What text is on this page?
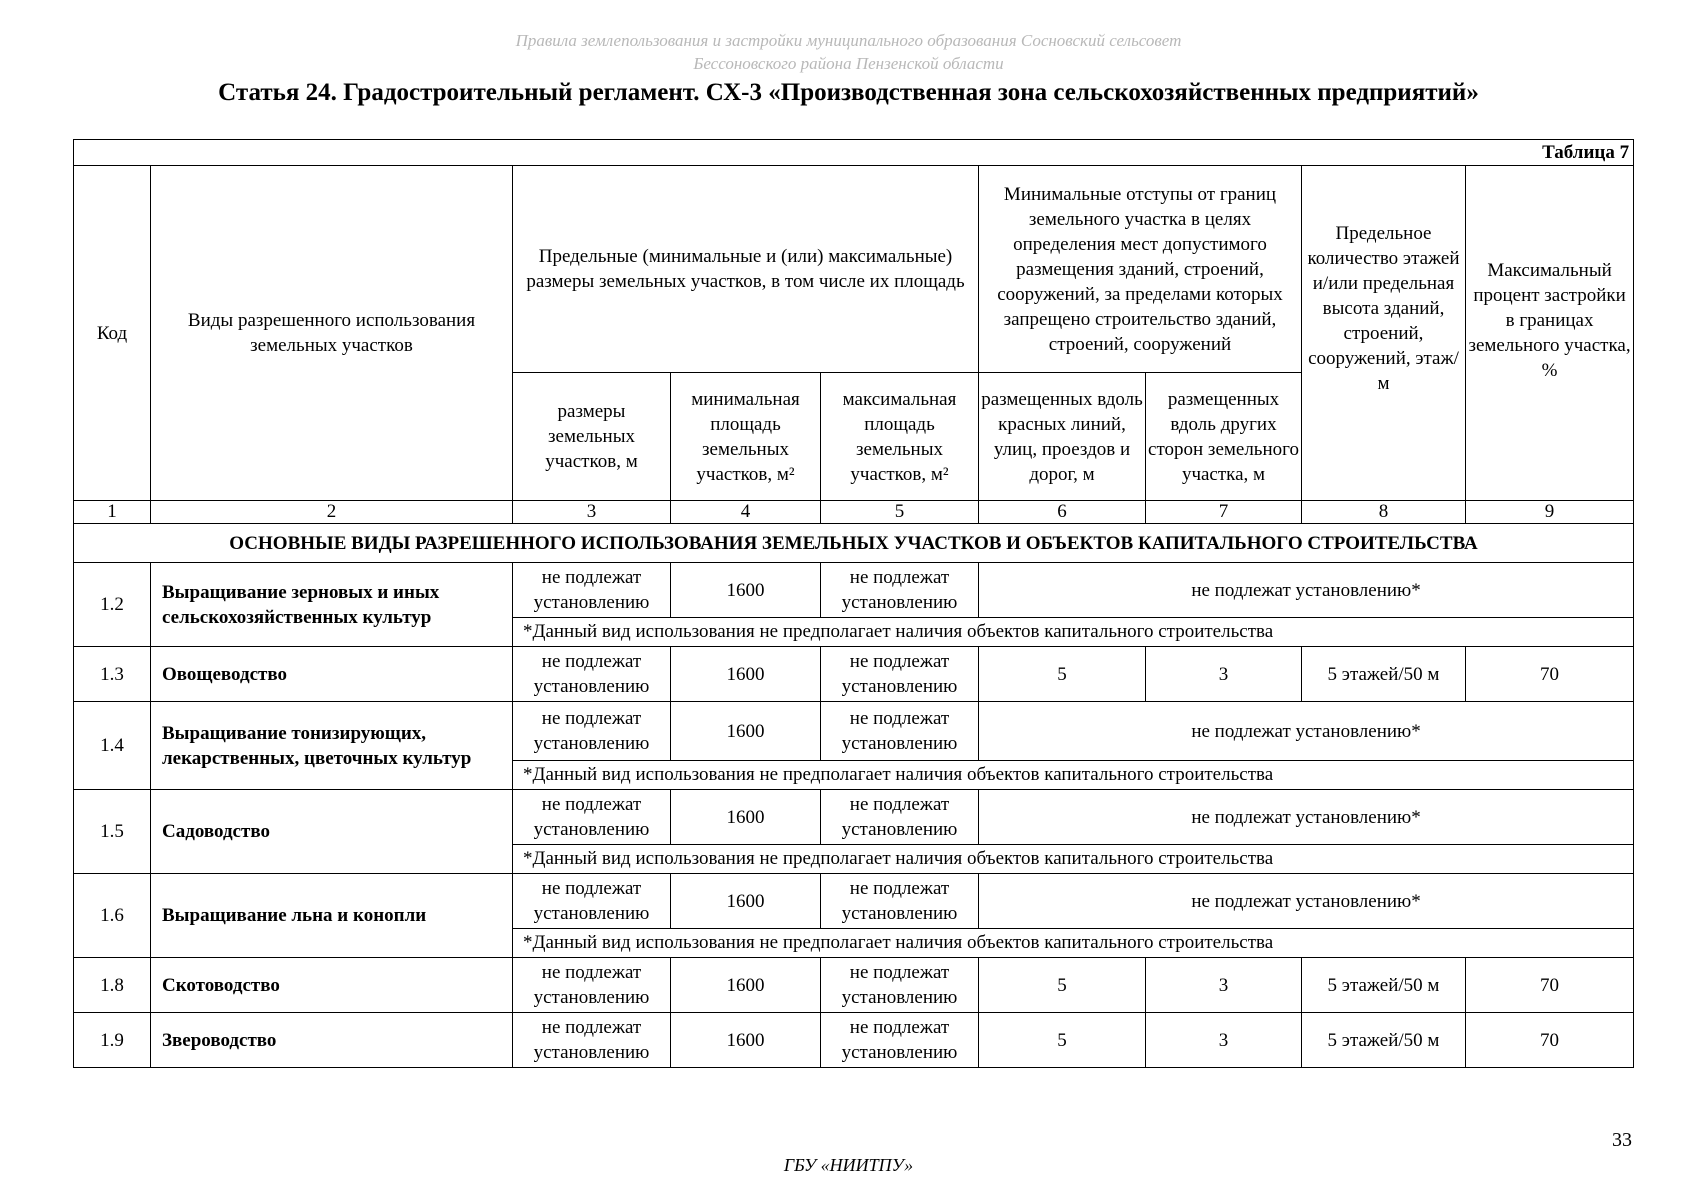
Правила землепользования и застройки муниципального образования Сосновский сельсовет
Бессоновского района Пензенской области
Статья 24. Градостроительный регламент. СХ-3 «Производственная зона сельскохозяйственных предприятий»
Таблица 7								
Код	Виды разрешенного использования земельных участков	Предельные (минимальные и (или) максимальные) размеры земельных участков, в том числе их площадь			Минимальные отступы от границ земельного участка в целях определения мест допустимого размещения зданий, строений, сооружений, за пределами которых запрещено строительство зданий, строений, сооружений		Предельное количество этажей и/или предельная высота зданий, строений, сооружений, этаж/м	Максимальный процент застройки в границах земельного участка, %
		размеры земельных участков, м	минимальная площадь земельных участков, м²	максимальная площадь земельных участков, м²	размещенных вдоль красных линий, улиц, проездов и дорог, м	размещенных вдоль других сторон земельного участка, м		
1	2	3	4	5	6	7	8	9
ОСНОВНЫЕ ВИДЫ РАЗРЕШЕННОГО ИСПОЛЬЗОВАНИЯ ЗЕМЕЛЬНЫХ УЧАСТКОВ И ОБЪЕКТОВ КАПИТАЛЬНОГО СТРОИТЕЛЬСТВА								
1.2	Выращивание зерновых и иных сельскохозяйственных культур	не подлежат установлению	1600	не подлежат установлению	не подлежат установлению*			
		*Данный вид использования не предполагает наличия объектов капитального строительства						
1.3	Овощеводство	не подлежат установлению	1600	не подлежат установлению	5	3	5 этажей/50 м	70
1.4	Выращивание тонизирующих, лекарственных, цветочных культур	не подлежат установлению	1600	не подлежат установлению	не подлежат установлению*			
		*Данный вид использования не предполагает наличия объектов капитального строительства						
1.5	Садоводство	не подлежат установлению	1600	не подлежат установлению	не подлежат установлению*			
		*Данный вид использования не предполагает наличия объектов капитального строительства						
1.6	Выращивание льна и конопли	не подлежат установлению	1600	не подлежат установлению	не подлежат установлению*			
		*Данный вид использования не предполагает наличия объектов капитального строительства						
1.8	Скотоводство	не подлежат установлению	1600	не подлежат установлению	5	3	5 этажей/50 м	70
1.9	Звероводство	не подлежат установлению	1600	не подлежат установлению	5	3	5 этажей/50 м	70
33
ГБУ «НИИТПУ»
